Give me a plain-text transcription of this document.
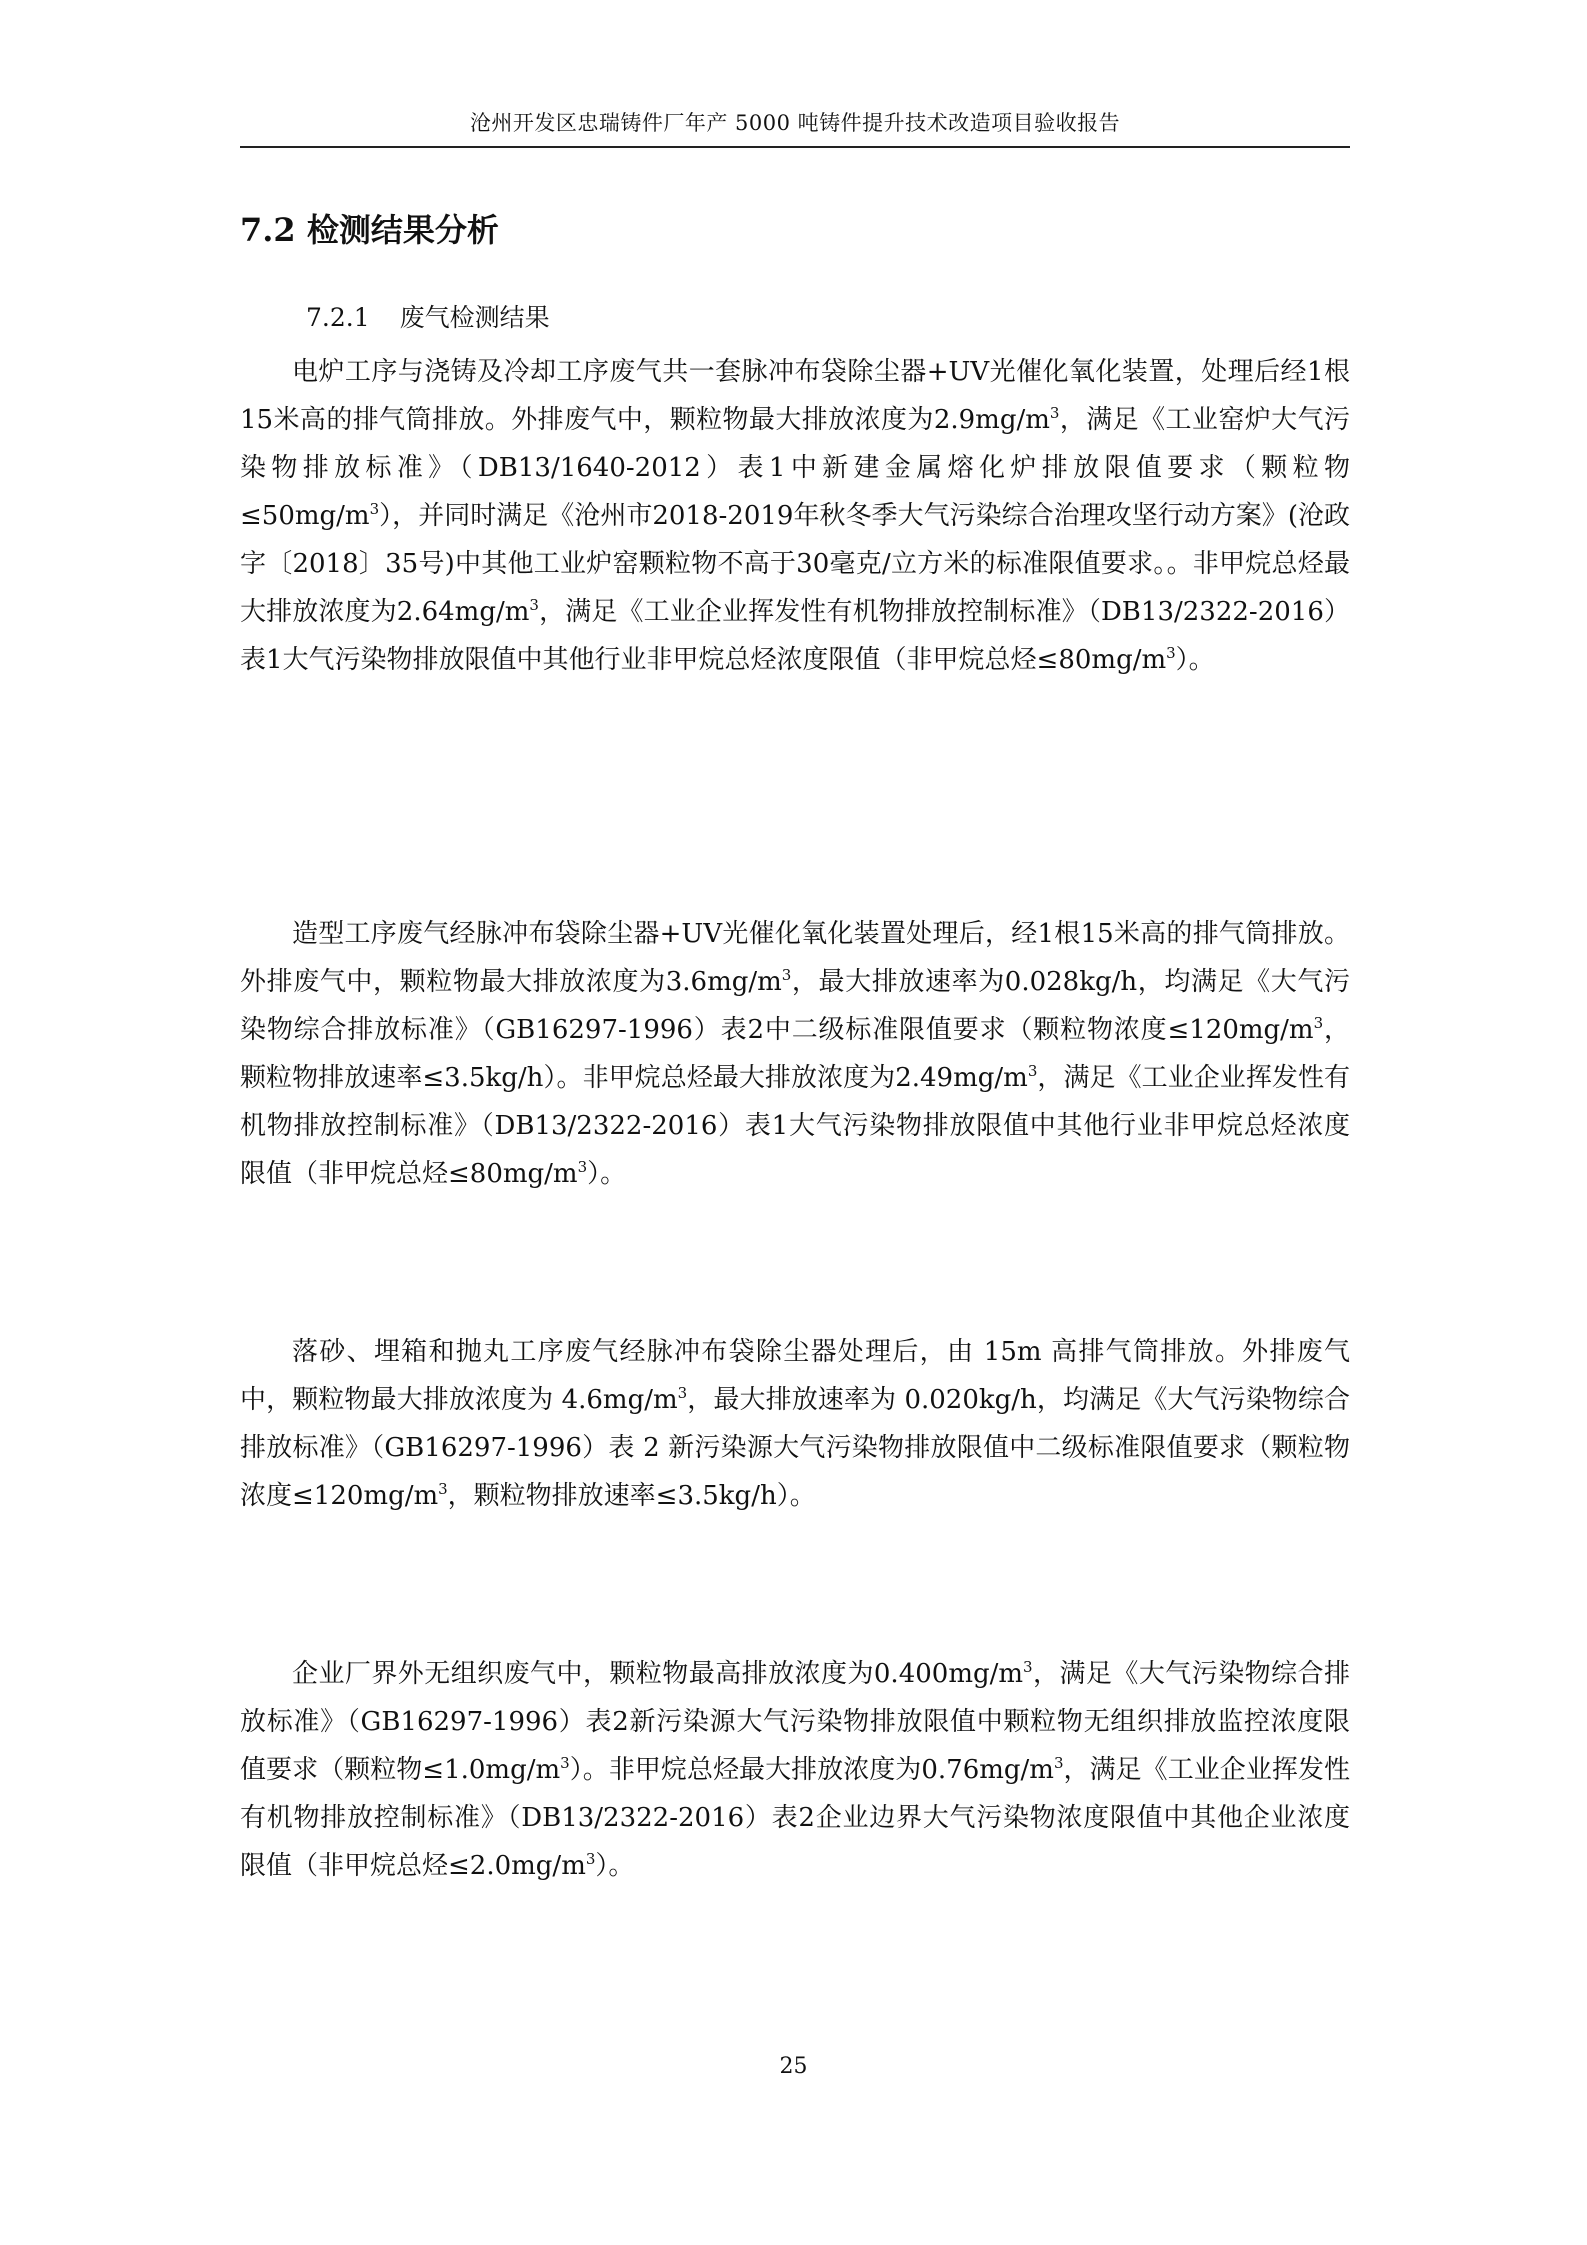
沧州开发区忠瑞铸件厂年产 5000 吨铸件提升技术改造项目验收报告
7.2 检测结果分析
7.2.1 废气检测结果

电炉工序与浇铸及冷却工序废气共一套脉冲布袋除尘器+UV光催化氧化装置，处理后经1根15米高的排气筒排放。外排废气中，颗粒物最大排放浓度为$2.9mg/m^3$，满足《工业窑炉大气污染物排放标准》（DB13/1640-2012）表1中新建金属熔化炉排放限值要求（颗粒物$\le 50mg/m^3$），并同时满足《沧州市2018-2019年秋冬季大气污染综合治理攻坚行动方案》(沧政字〔2018〕35号)中其他工业炉窑颗粒物不高于30毫克/立方米的标准限值要求。。非甲烷总烃最大排放浓度为$2.64mg/m^3$，满足《工业企业挥发性有机物排放控制标准》（DB13/2322-2016）表1大气污染物排放限值中其他行业非甲烷总烃浓度限值（非甲烷总烃$\le 80mg/m^3$）。

造型工序废气经脉冲布袋除尘器+UV光催化氧化装置处理后，经1根15米高的排气筒排放。外排废气中，颗粒物最大排放浓度为$3.6mg/m^3$，最大排放速率为0.028kg/h，均满足《大气污染物综合排放标准》（GB16297-1996）表2中二级标准限值要求（颗粒物浓度$\le 120mg/m^3$，颗粒物排放速率≤3.5kg/h）。非甲烷总烃最大排放浓度为$2.49mg/m^3$，满足《工业企业挥发性有机物排放控制标准》（DB13/2322-2016）表1大气污染物排放限值中其他行业非甲烷总烃浓度限值（非甲烷总烃$\le 80mg/m^3$）。

落砂、埋箱和抛丸工序废气经脉冲布袋除尘器处理后，由 15m 高排气筒排放。外排废气中，颗粒物最大排放浓度为 $4.6mg/m^3$，最大排放速率为 0.020kg/h，均满足《大气污染物综合排放标准》（GB16297-1996）表 2 新污染源大气污染物排放限值中二级标准限值要求（颗粒物浓度$\le 120mg/m^3$，颗粒物排放速率≤3.5kg/h）。

企业厂界外无组织废气中，颗粒物最高排放浓度为$0.400mg/m^3$，满足《大气污染物综合排放标准》（GB16297-1996）表2新污染源大气污染物排放限值中颗粒物无组织排放监控浓度限值要求（颗粒物$\le 1.0mg/m^3$）。非甲烷总烃最大排放浓度为$0.76mg/m^3$，满足《工业企业挥发性有机物排放控制标准》（DB13/2322-2016）表2企业边界大气污染物浓度限值中其他企业浓度限值（非甲烷总烃$\le 2.0mg/m^3$）。

25
